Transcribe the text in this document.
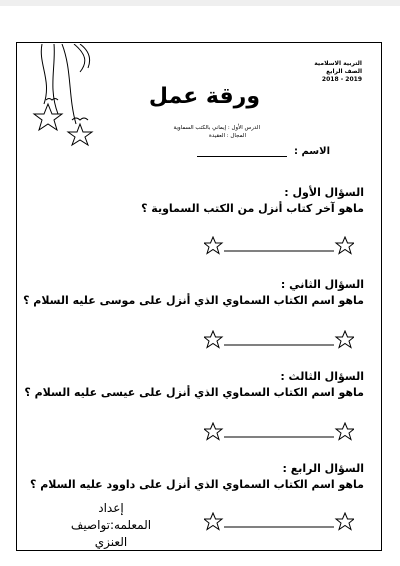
التربية الاسلامية
الصف الرابع
2018 - 2019
ورقة عمل
الدرس الأول : إيماني بالكتب السماوية
المجال : العقيدة
الاسم :
السؤال الأول :
ماهو آخر كتاب أنزل من الكتب السماوية ؟
السؤال الثاني :
ماهو اسم الكتاب السماوي الذي أنزل على موسى عليه السلام ؟
السؤال الثالث :
ماهو اسم الكتاب السماوي الذي أنزل على عيسى عليه السلام ؟
السؤال الرابع :
ماهو اسم الكتاب السماوي الذي أنزل على داوود عليه السلام ؟
إعداد
المعلمه:تواصيف
العنزي
